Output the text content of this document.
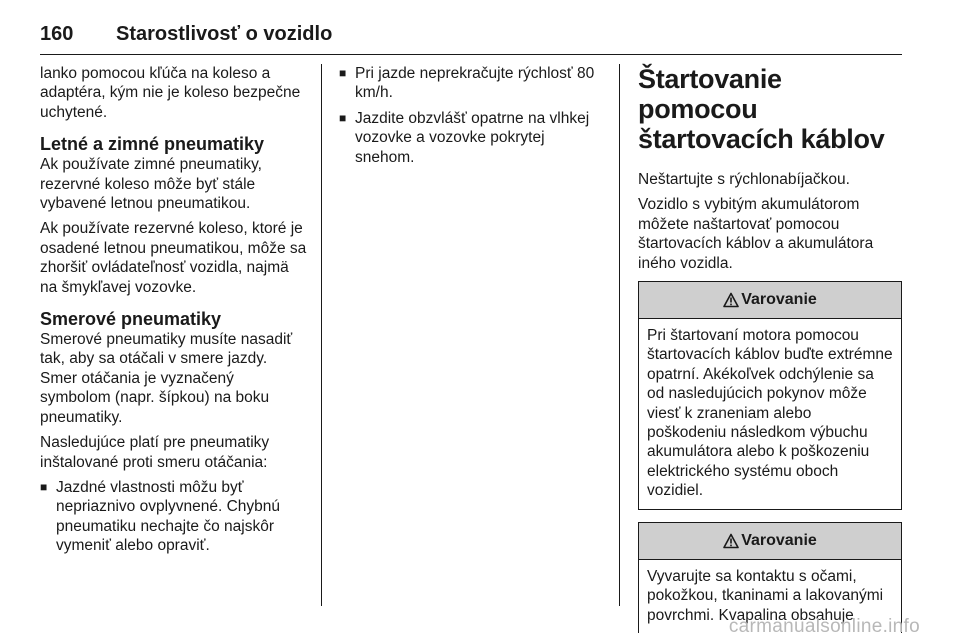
160	Starostlivosť o vozidlo

lanko pomocou kľúča na koleso a adaptéra, kým nie je koleso bezpečne uchytené.

Letné a zimné pneumatiky

Ak používate zimné pneumatiky, rezervné koleso môže byť stále vybavené letnou pneumatikou.

Ak používate rezervné koleso, ktoré je osadené letnou pneumatikou, môže sa zhoršiť ovládateľnosť vozidla, najmä na šmykľavej vozovke.

Smerové pneumatiky

Smerové pneumatiky musíte nasadiť tak, aby sa otáčali v smere jazdy. Smer otáčania je vyznačený symbolom (napr. šípkou) na boku pneumatiky.

Nasledujúce platí pre pneumatiky inštalované proti smeru otáčania:

■ Jazdné vlastnosti môžu byť nepriaznivo ovplyvnené. Chybnú pneumatiku nechajte čo najskôr vymeniť alebo opraviť.
■ Pri jazde neprekračujte rýchlosť 80 km/h.
■ Jazdite obzvlášť opatrne na vlhkej vozovke a vozovke pokrytej snehom.
Štartovanie pomocou štartovacích káblov

Neštartujte s rýchlonabíjačkou.

Vozidlo s vybitým akumulátorom môžete naštartovať pomocou štartovacích káblov a akumulátora iného vozidla.

Varovanie
Pri štartovaní motora pomocou štartovacích káblov buďte extrémne opatrní. Akékoľvek odchýlenie sa od nasledujúcich pokynov môže viesť k zraneniam alebo poškodeniu následkom výbuchu akumulátora alebo k poškozeniu elektrického systému oboch vozidiel.
Varovanie
Vyvarujte sa kontaktu s očami, pokožkou, tkaninami a lakovanými povrchmi. Kvapalina obsahuje
carmanualsonline.info
